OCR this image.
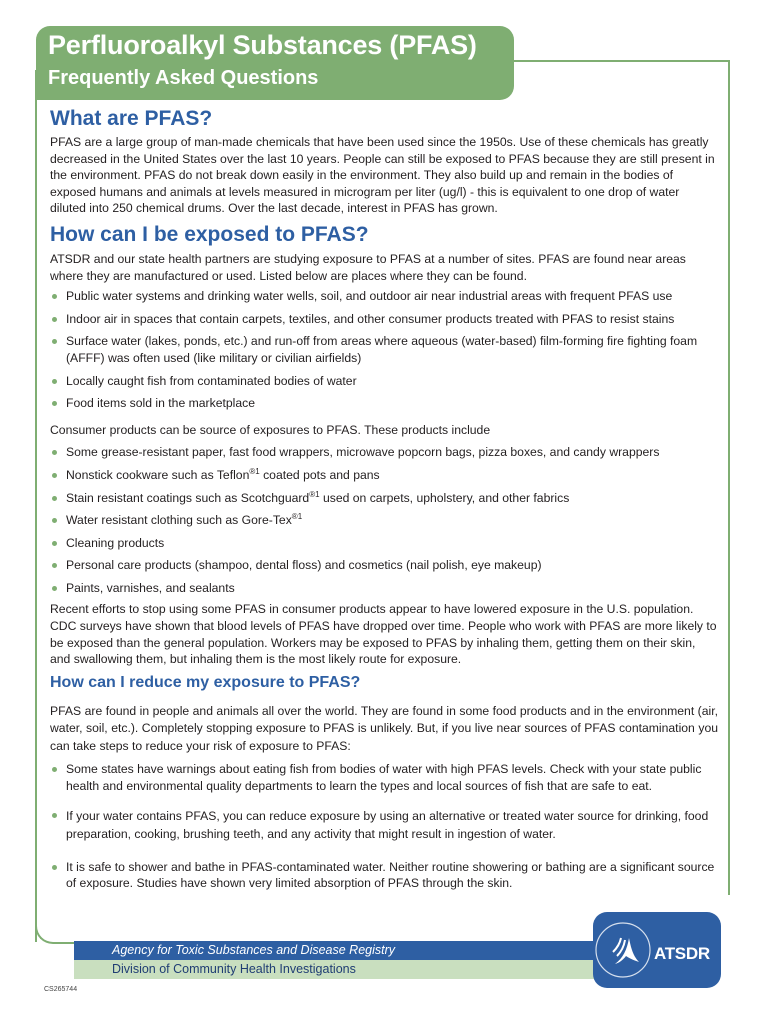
Perfluoroalkyl Substances (PFAS)
Frequently Asked Questions
What are PFAS?

PFAS are a large group of man-made chemicals that have been used since the 1950s. Use of these chemicals has greatly decreased in the United States over the last 10 years. People can still be exposed to PFAS because they are still present in the environment. PFAS do not break down easily in the environment. They also build up and remain in the bodies of exposed humans and animals at levels measured in microgram per liter (ug/l) - this is equivalent to one drop of water diluted into 250 chemical drums. Over the last decade, interest in PFAS has grown.

How can I be exposed to PFAS?

ATSDR and our state health partners are studying exposure to PFAS at a number of sites. PFAS are found near areas where they are manufactured or used. Listed below are places where they can be found.

Public water systems and drinking water wells, soil, and outdoor air near industrial areas with frequent PFAS use
Indoor air in spaces that contain carpets, textiles, and other consumer products treated with PFAS to resist stains
Surface water (lakes, ponds, etc.) and run-off from areas where aqueous (water-based) film-forming fire fighting foam (AFFF) was often used (like military or civilian airfields)
Locally caught fish from contaminated bodies of water
Food items sold in the marketplace

Consumer products can be source of exposures to PFAS. These products include

Some grease-resistant paper, fast food wrappers, microwave popcorn bags, pizza boxes, and candy wrappers
Nonstick cookware such as Teflon$^{®1}$ coated pots and pans
Stain resistant coatings such as Scotchguard$^{®1}$ used on carpets, upholstery, and other fabrics
Water resistant clothing such as Gore-Tex$^{®1}$
Cleaning products
Personal care products (shampoo, dental floss) and cosmetics (nail polish, eye makeup)
Paints, varnishes, and sealants

Recent efforts to stop using some PFAS in consumer products appear to have lowered exposure in the U.S. population. CDC surveys have shown that blood levels of PFAS have dropped over time. People who work with PFAS are more likely to be exposed than the general population. Workers may be exposed to PFAS by inhaling them, getting them on their skin, and swallowing them, but inhaling them is the most likely route for exposure.

How can I reduce my exposure to PFAS?

PFAS are found in people and animals all over the world. They are found in some food products and in the environment (air, water, soil, etc.). Completely stopping exposure to PFAS is unlikely. But, if you live near sources of PFAS contamination you can take steps to reduce your risk of exposure to PFAS:

Some states have warnings about eating fish from bodies of water with high PFAS levels. Check with your state public health and environmental quality departments to learn the types and local sources of fish that are safe to eat.
If your water contains PFAS, you can reduce exposure by using an alternative or treated water source for drinking, food preparation, cooking, brushing teeth, and any activity that might result in ingestion of water.
It is safe to shower and bathe in PFAS-contaminated water. Neither routine showering or bathing are a significant source of exposure. Studies have shown very limited absorption of PFAS through the skin.
Agency for Toxic Substances and Disease Registry
Division of Community Health Investigations
CS265744
ATSDR
